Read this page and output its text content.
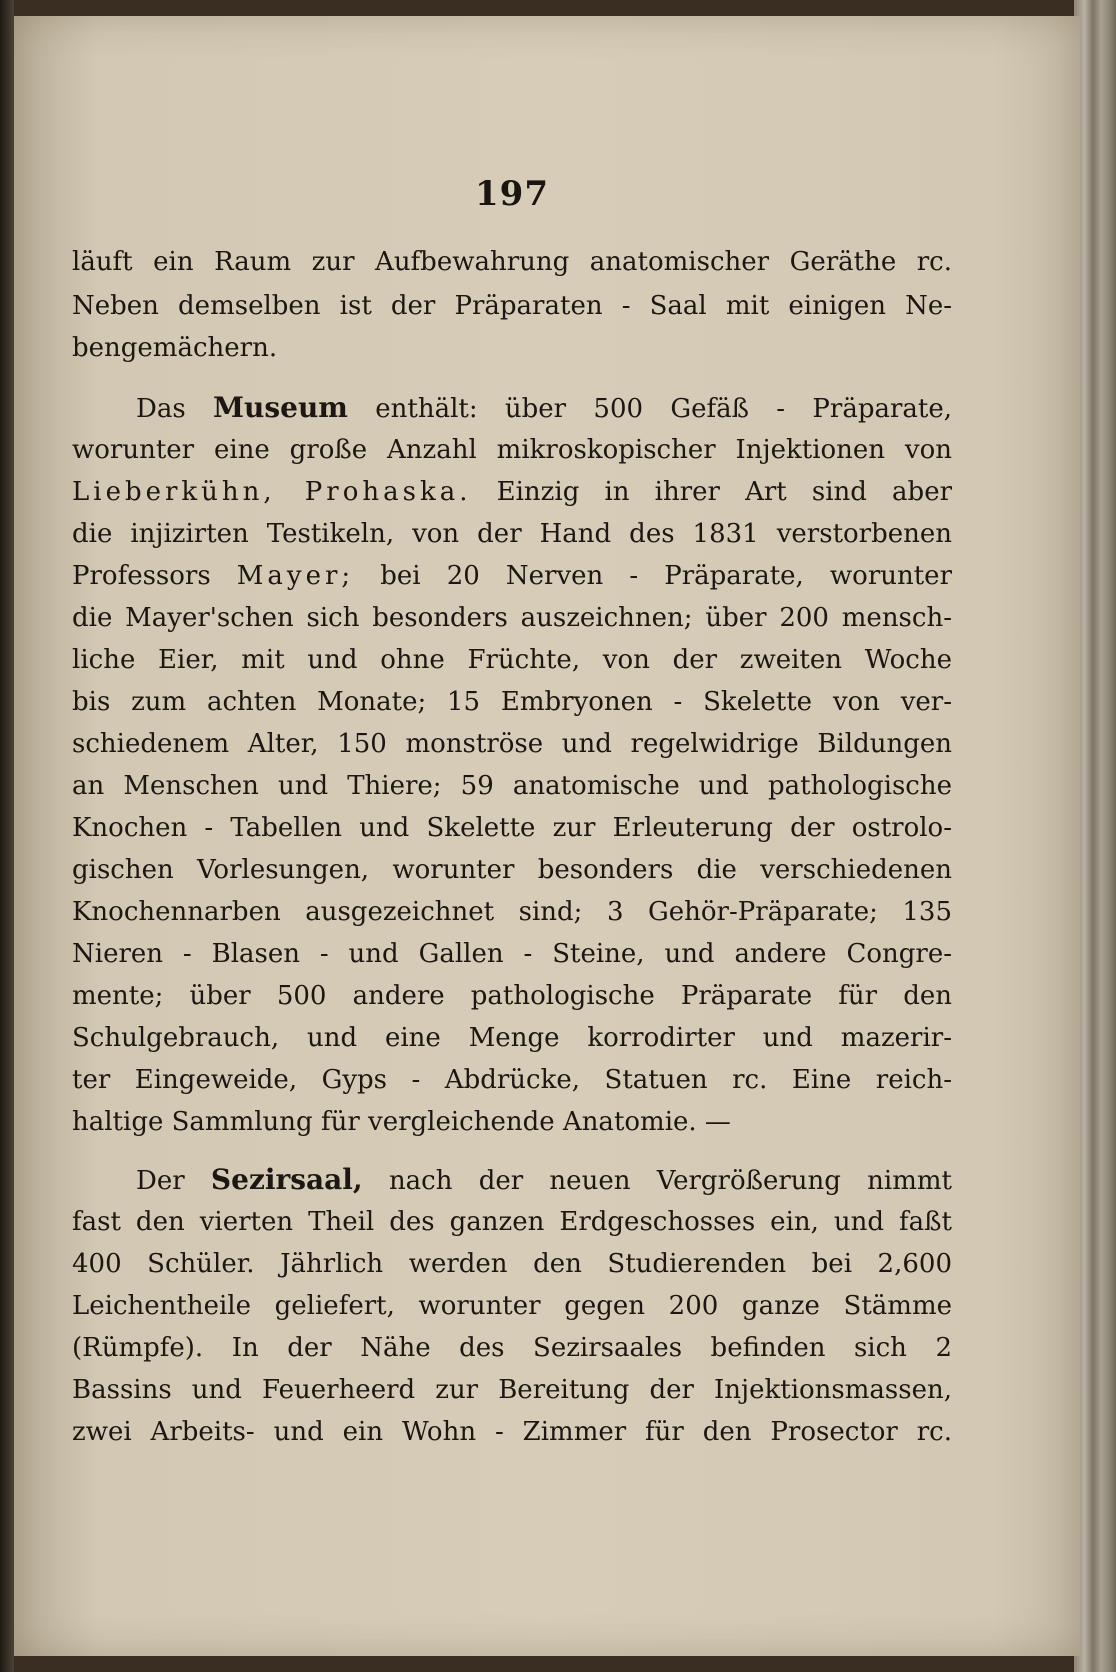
197
läuft ein Raum zur Aufbewahrung anatomischer Geräthe rc.
Neben demselben ist der Präparaten - Saal mit einigen Ne-
bengemächern.
Das Museum enthält: über 500 Gefäß - Präparate,
worunter eine große Anzahl mikroskopischer Injektionen von
Lieberkühn, Prohaska. Einzig in ihrer Art sind aber
die injizirten Testikeln, von der Hand des 1831 verstorbenen
Professors Mayer; bei 20 Nerven - Präparate, worunter
die Mayer'schen sich besonders auszeichnen; über 200 mensch-
liche Eier, mit und ohne Früchte, von der zweiten Woche
bis zum achten Monate; 15 Embryonen - Skelette von ver-
schiedenem Alter, 150 monströse und regelwidrige Bildungen
an Menschen und Thiere; 59 anatomische und pathologische
Knochen - Tabellen und Skelette zur Erleuterung der ostrolo-
gischen Vorlesungen, worunter besonders die verschiedenen
Knochennarben ausgezeichnet sind; 3 Gehör-Präparate; 135
Nieren - Blasen - und Gallen - Steine, und andere Congre-
mente; über 500 andere pathologische Präparate für den
Schulgebrauch, und eine Menge korrodirter und mazerir-
ter Eingeweide, Gyps - Abdrücke, Statuen rc. Eine reich-
haltige Sammlung für vergleichende Anatomie. —
Der Sezirsaal, nach der neuen Vergrößerung nimmt
fast den vierten Theil des ganzen Erdgeschosses ein, und faßt
400 Schüler. Jährlich werden den Studierenden bei 2,600
Leichentheile geliefert, worunter gegen 200 ganze Stämme
(Rümpfe). In der Nähe des Sezirsaales befinden sich 2
Bassins und Feuerheerd zur Bereitung der Injektionsmassen,
zwei Arbeits- und ein Wohn - Zimmer für den Prosector rc.
